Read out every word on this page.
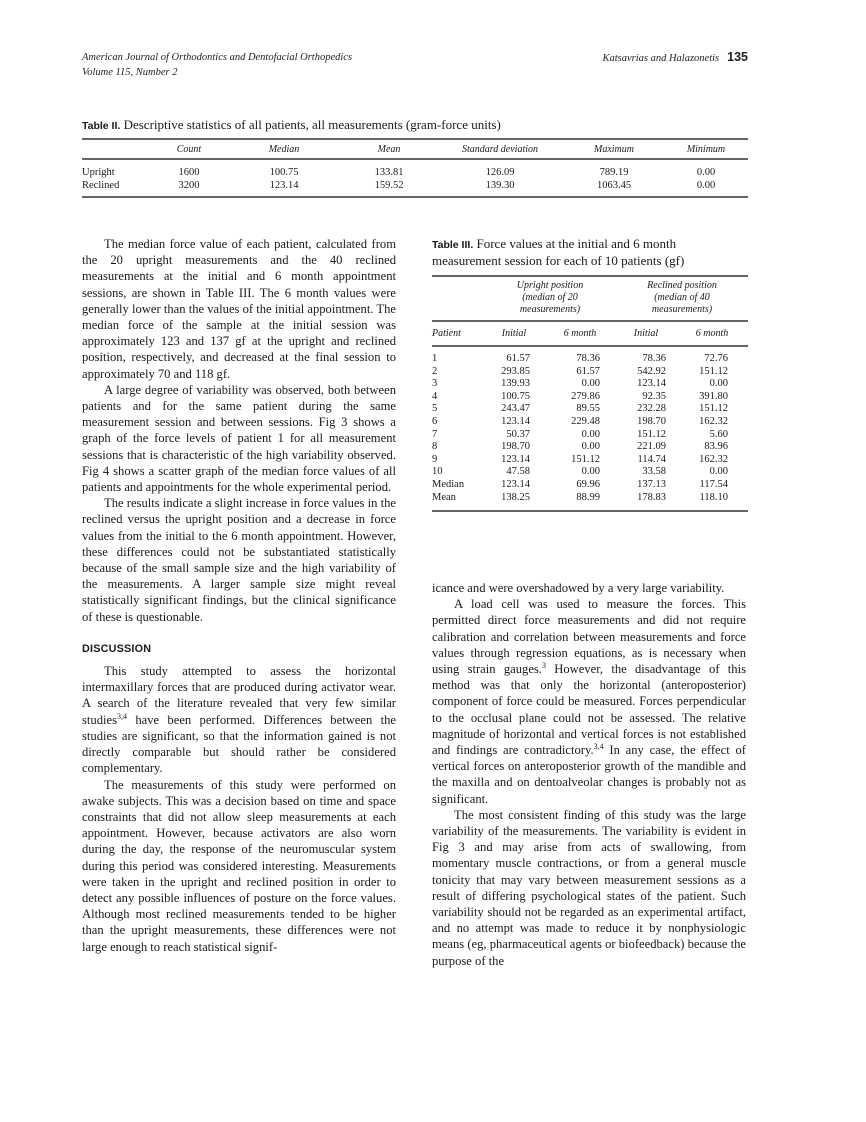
American Journal of Orthodontics and Dentofacial Orthopedics
Volume 115, Number 2
Katsavrias and Halazonetis 135
Table II. Descriptive statistics of all patients, all measurements (gram-force units)
	Count	Median	Mean	Standard deviation	Maximum	Minimum
Upright	1600	100.75	133.81	126.09	789.19	0.00
Reclined	3200	123.14	159.52	139.30	1063.45	0.00

The median force value of each patient, calculated from the 20 upright measurements and the 40 reclined measurements at the initial and 6 month appointment sessions, are shown in Table III. The 6 month values were generally lower than the values of the initial appointment. The median force of the sample at the initial session was approximately 123 and 137 gf at the upright and reclined position, respectively, and decreased at the final session to approximately 70 and 118 gf.

A large degree of variability was observed, both between patients and for the same patient during the same measurement session and between sessions. Fig 3 shows a graph of the force levels of patient 1 for all measurement sessions that is characteristic of the high variability observed. Fig 4 shows a scatter graph of the median force values of all patients and appointments for the whole experimental period.

The results indicate a slight increase in force values in the reclined versus the upright position and a decrease in force values from the initial to the 6 month appointment. However, these differences could not be substantiated statistically because of the small sample size and the high variability of the measurements. A larger sample size might reveal statistically significant findings, but the clinical significance of these is questionable.

DISCUSSION

This study attempted to assess the horizontal intermaxillary forces that are produced during activator wear. A search of the literature revealed that very few similar studies$^{3,4}$ have been performed. Differences between the studies are significant, so that the information gained is not directly comparable but should rather be considered complementary.

The measurements of this study were performed on awake subjects. This was a decision based on time and space constraints that did not allow sleep measurements at each appointment. However, because activators are also worn during the day, the response of the neuromuscular system during this period was considered interesting. Measurements were taken in the upright and reclined position in order to detect any possible influences of posture on the force values. Although most reclined measurements tended to be higher than the upright measurements, these differences were not large enough to reach statistical signif-

Table III. Force values at the initial and 6 month measurement session for each of 10 patients (gf)

Upright position
(median of 20
measurements)

Reclined position
(median of 40
measurements)

Patient	Initial	6 month	Initial	6 month
1	61.57	78.36	78.36	72.76
2	293.85	61.57	542.92	151.12
3	139.93	0.00	123.14	0.00
4	100.75	279.86	92.35	391.80
5	243.47	89.55	232.28	151.12
6	123.14	229.48	198.70	162.32
7	50.37	0.00	151.12	5.60
8	198.70	0.00	221.09	83.96
9	123.14	151.12	114.74	162.32
10	47.58	0.00	33.58	0.00
Median	123.14	69.96	137.13	117.54
Mean	138.25	88.99	178.83	118.10

icance and were overshadowed by a very large variability.

A load cell was used to measure the forces. This permitted direct force measurements and did not require calibration and correlation between measurements and force values through regression equations, as is necessary when using strain gauges.$^3$ However, the disadvantage of this method was that only the horizontal (anteroposterior) component of force could be measured. Forces perpendicular to the occlusal plane could not be assessed. The relative magnitude of horizontal and vertical forces is not established and findings are contradictory.$^{3,4}$ In any case, the effect of vertical forces on anteroposterior growth of the mandible and the maxilla and on dentoalveolar changes is probably not as significant.

The most consistent finding of this study was the large variability of the measurements. The variability is evident in Fig 3 and may arise from acts of swallowing, from momentary muscle contractions, or from a general muscle tonicity that may vary between measurement sessions as a result of differing psychological states of the patient. Such variability should not be regarded as an experimental artifact, and no attempt was made to reduce it by nonphysiologic means (eg, pharmaceutical agents or biofeedback) because the purpose of the
